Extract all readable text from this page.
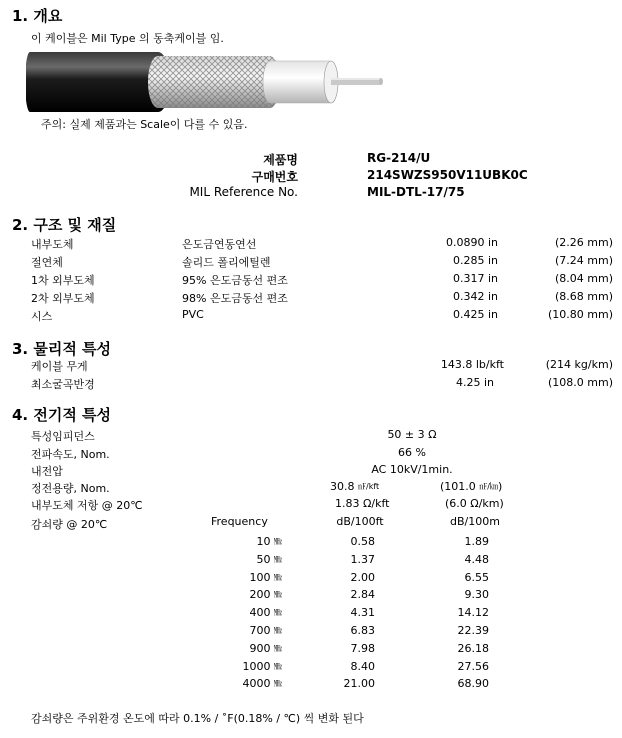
1. 개요
이 케이블은 Mil Type 의 동축케이블 임.
주의: 실제 제품과는 Scale이 다를 수 있음.
제품명	RG-214/U
구매번호	214SWZS950V11UBK0C
MIL Reference No.	MIL-DTL-17/75
2. 구조 및 재질
내부도체	은도금연동연선	0.0890 in	(2.26 mm)
절연체	솔리드 폴리에틸렌	0.285 in	(7.24 mm)
1차 외부도체	95% 은도금동선 편조	0.317 in	(8.04 mm)
2차 외부도체	98% 은도금동선 편조	0.342 in	(8.68 mm)
시스	PVC	0.425 in	(10.80 mm)
3. 물리적 특성
케이블 무게	143.8 lb/kft	(214 kg/km)
최소굴곡반경	4.25 in	(108.0 mm)
4. 전기적 특성
특성임피던스	50 ± 3 Ω
전파속도, Nom.	66 %
내전압	AC 10kV/1min.
정전용량, Nom.	30.8 ㎋/kft	(101.0 ㎋/㎞)
내부도체 저항 @ 20℃	1.83 Ω/kft	(6.0 Ω/km)
감쇠량 @ 20℃	Frequency	dB/100ft	dB/100m
10 ㎒	0.58	1.89
50 ㎒	1.37	4.48
100 ㎒	2.00	6.55
200 ㎒	2.84	9.30
400 ㎒	4.31	14.12
700 ㎒	6.83	22.39
900 ㎒	7.98	26.18
1000 ㎒	8.40	27.56
4000 ㎒	21.00	68.90
감쇠량은 주위환경 온도에 따라 0.1% / ˚F(0.18% / ℃) 씩 변화 된다
